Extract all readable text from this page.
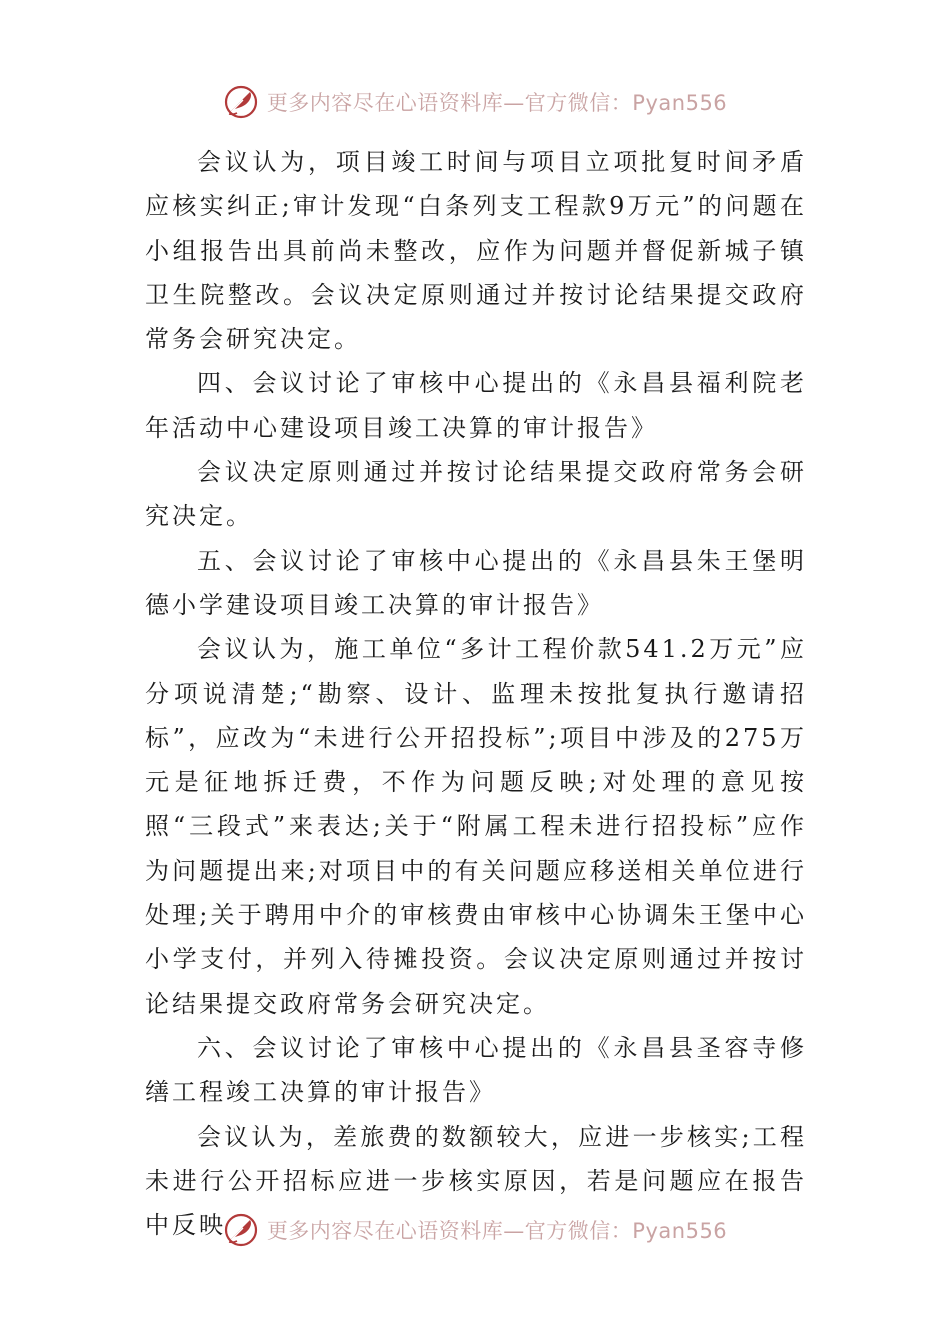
更多内容尽在心语资料库—官方微信：Pyan556

会议认为，项目竣工时间与项目立项批复时间矛盾应核实纠正;审计发现“白条列支工程款9万元”的问题在小组报告出具前尚未整改，应作为问题并督促新城子镇卫生院整改。会议决定原则通过并按讨论结果提交政府常务会研究决定。

四、会议讨论了审核中心提出的《永昌县福利院老年活动中心建设项目竣工决算的审计报告》

会议决定原则通过并按讨论结果提交政府常务会研究决定。

五、会议讨论了审核中心提出的《永昌县朱王堡明德小学建设项目竣工决算的审计报告》

会议认为，施工单位“多计工程价款541.2万元”应分项说清楚;“勘察、设计、监理未按批复执行邀请招标”，应改为“未进行公开招投标”;项目中涉及的275万元是征地拆迁费，不作为问题反映;对处理的意见按照“三段式”来表达;关于“附属工程未进行招投标”应作为问题提出来;对项目中的有关问题应移送相关单位进行处理;关于聘用中介的审核费由审核中心协调朱王堡中心小学支付，并列入待摊投资。会议决定原则通过并按讨论结果提交政府常务会研究决定。

六、会议讨论了审核中心提出的《永昌县圣容寺修缮工程竣工决算的审计报告》

会议认为，差旅费的数额较大，应进一步核实;工程未进行公开招标应进一步核实原因，若是问题应在报告中反映	更多内容尽在心语资料库—官方微信：Pyan556
